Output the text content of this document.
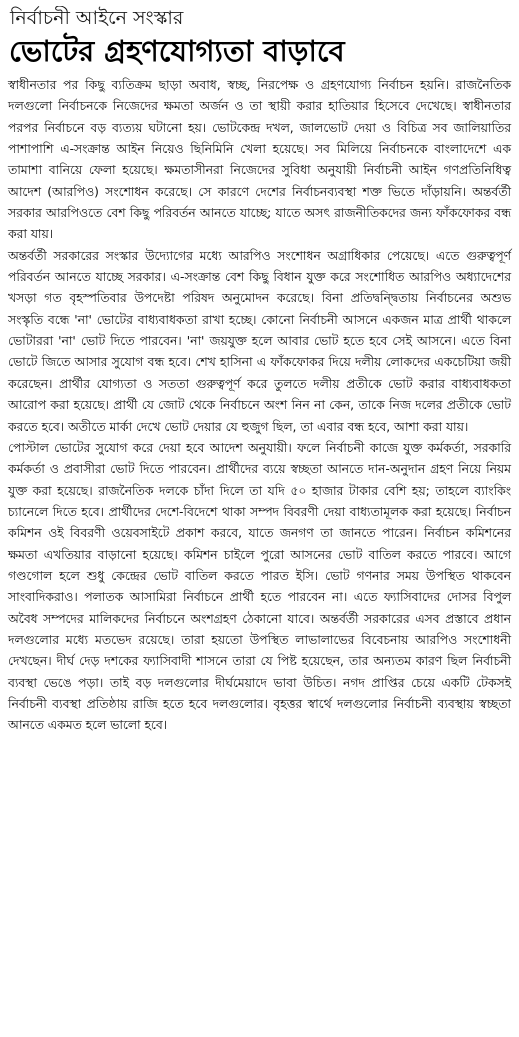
নির্বাচনী আইনে সংস্কার
ভোটের গ্রহণযোগ্যতা বাড়াবে

স্বাধীনতার পর কিছু ব্যতিক্রম ছাড়া অবাধ, স্বচ্ছ, নিরপেক্ষ ও গ্রহণযোগ্য নির্বাচন হয়নি। রাজনৈতিক দলগুলো নির্বাচনকে নিজেদের ক্ষমতা অর্জন ও তা স্থায়ী করার হাতিয়ার হিসেবে দেখেছে। স্বাধীনতার পরপর নির্বাচনে বড় ব্যত্যয় ঘটানো হয়। ভোটকেন্দ্র দখল, জালভোট দেয়া ও বিচিত্র সব জালিয়াতির পাশাপাশি এ-সংক্রান্ত আইন নিয়েও ছিনিমিনি খেলা হয়েছে। সব মিলিয়ে নির্বাচনকে বাংলাদেশে এক তামাশা বানিয়ে ফেলা হয়েছে। ক্ষমতাসীনরা নিজেদের সুবিধা অনুযায়ী নির্বাচনী আইন গণপ্রতিনিধিত্ব আদেশ (আরপিও) সংশোধন করেছে। সে কারণে দেশের নির্বাচনব্যবস্থা শক্ত ভিতে দাঁড়ায়নি। অন্তর্বর্তী সরকার আরপিওতে বেশ কিছু পরিবর্তন আনতে যাচ্ছে; যাতে অসৎ রাজনীতিকদের জন্য ফাঁকফোকর বন্ধ করা যায়।

অন্তর্বর্তী সরকারের সংস্কার উদ্যোগের মধ্যে আরপিও সংশোধন অগ্রাধিকার পেয়েছে। এতে গুরুত্বপূর্ণ পরিবর্তন আনতে যাচ্ছে সরকার। এ-সংক্রান্ত বেশ কিছু বিধান যুক্ত করে সংশোধিত আরপিও অধ্যাদেশের খসড়া গত বৃহস্পতিবার উপদেষ্টা পরিষদ অনুমোদন করেছে। বিনা প্রতিদ্বন্দ্বিতায় নির্বাচনের অশুভ সংস্কৃতি বন্ধে 'না' ভোটের বাধ্যবাধকতা রাখা হচ্ছে। কোনো নির্বাচনী আসনে একজন মাত্র প্রার্থী থাকলে ভোটাররা 'না' ভোট দিতে পারবেন। 'না' জয়যুক্ত হলে আবার ভোট হতে হবে সেই আসনে। এতে বিনা ভোটে জিতে আসার সুযোগ বন্ধ হবে। শেখ হাসিনা এ ফাঁকফোকর দিয়ে দলীয় লোকদের একচেটিয়া জয়ী করেছেন। প্রার্থীর যোগ্যতা ও সততা গুরুত্বপূর্ণ করে তুলতে দলীয় প্রতীকে ভোট করার বাধ্যবাধকতা আরোপ করা হয়েছে। প্রার্থী যে জোট থেকে নির্বাচনে অংশ নিন না কেন, তাকে নিজ দলের প্রতীকে ভোট করতে হবে। অতীতে মার্কা দেখে ভোট দেয়ার যে হুজুগ ছিল, তা এবার বন্ধ হবে, আশা করা যায়।

পোস্টাল ভোটের সুযোগ করে দেয়া হবে আদেশ অনুযায়ী। ফলে নির্বাচনী কাজে যুক্ত কর্মকর্তা, সরকারি কর্মকর্তা ও প্রবাসীরা ভোট দিতে পারবেন। প্রার্থীদের ব্যয়ে স্বচ্ছতা আনতে দান-অনুদান গ্রহণ নিয়ে নিয়ম যুক্ত করা হয়েছে। রাজনৈতিক দলকে চাঁদা দিলে তা যদি ৫০ হাজার টাকার বেশি হয়; তাহলে ব্যাংকিং চ্যানেলে দিতে হবে। প্রার্থীদের দেশে-বিদেশে থাকা সম্পদ বিবরণী দেয়া বাধ্যতামূলক করা হয়েছে। নির্বাচন কমিশন ওই বিবরণী ওয়েবসাইটে প্রকাশ করবে, যাতে জনগণ তা জানতে পারেন। নির্বাচন কমিশনের ক্ষমতা এখতিয়ার বাড়ানো হয়েছে। কমিশন চাইলে পুরো আসনের ভোট বাতিল করতে পারবে। আগে গণ্ডগোল হলে শুধু কেন্দ্রের ভোট বাতিল করতে পারত ইসি। ভোট গণনার সময় উপস্থিত থাকবেন সাংবাদিকরাও। পলাতক আসামিরা নির্বাচনে প্রার্থী হতে পারবেন না। এতে ফ্যাসিবাদের দোসর বিপুল অবৈধ সম্পদের মালিকদের নির্বাচনে অংশগ্রহণ ঠেকানো যাবে। অন্তর্বর্তী সরকারের এসব প্রস্তাবে প্রধান দলগুলোর মধ্যে মতভেদ রয়েছে। তারা হয়তো উপস্থিত লাভালাভের বিবেচনায় আরপিও সংশোধনী দেখছেন। দীর্ঘ দেড় দশকের ফ্যাসিবাদী শাসনে তারা যে পিষ্ট হয়েছেন, তার অন্যতম কারণ ছিল নির্বাচনী ব্যবস্থা ভেঙে পড়া। তাই বড় দলগুলোর দীর্ঘমেয়াদে ভাবা উচিত। নগদ প্রাপ্তির চেয়ে একটি টেকসই নির্বাচনী ব্যবস্থা প্রতিষ্ঠায় রাজি হতে হবে দলগুলোর। বৃহত্তর স্বার্থে দলগুলোর নির্বাচনী ব্যবস্থায় স্বচ্ছতা আনতে একমত হলে ভালো হবে।
